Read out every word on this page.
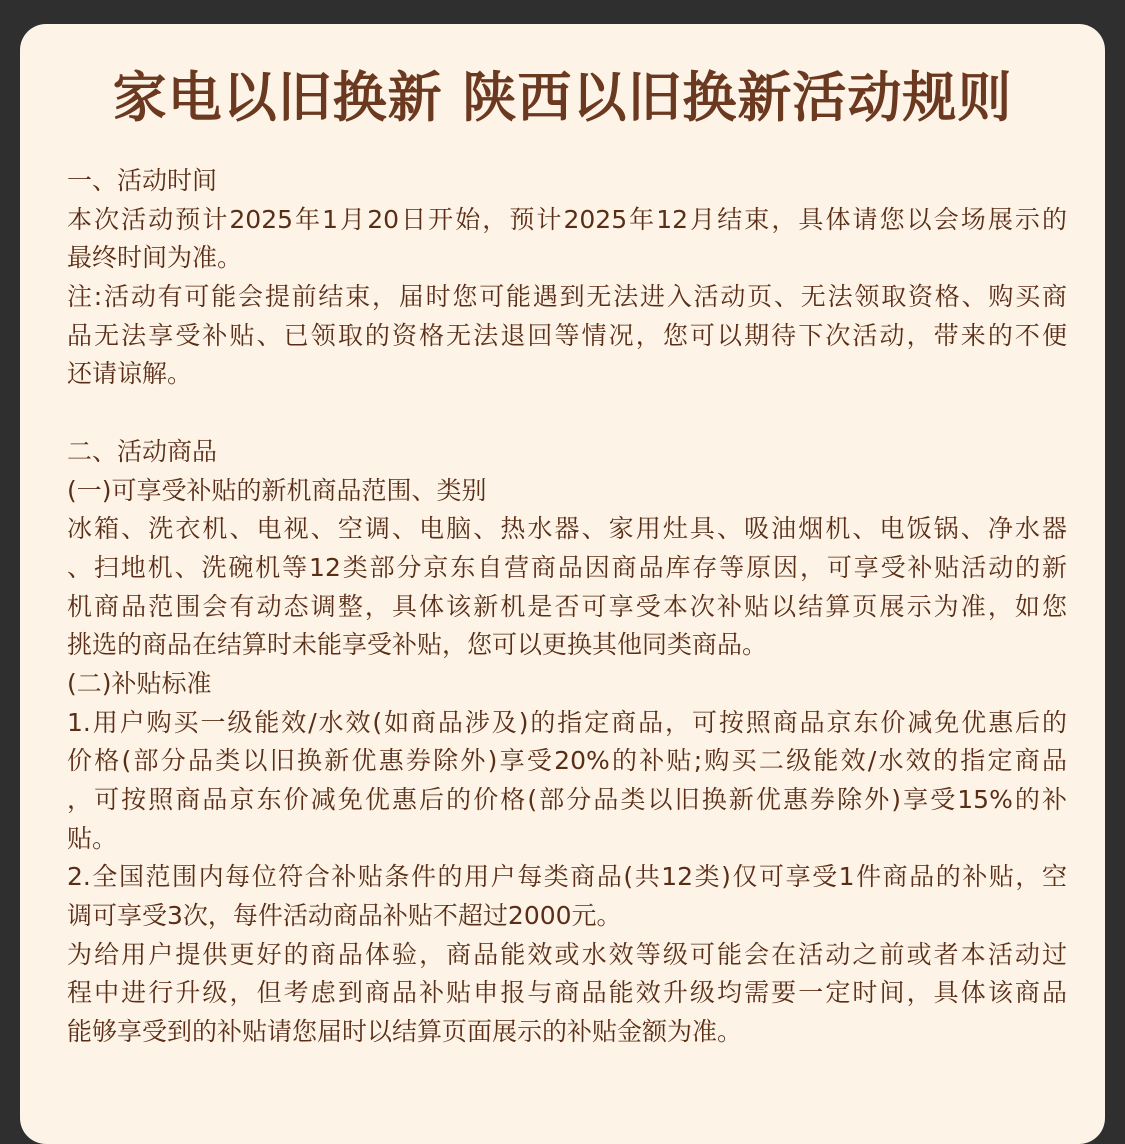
家电以旧换新 陕西以旧换新活动规则
一、活动时间
本次活动预计2025年1月20日开始，预计2025年12月结束，具体请您以会场展示的
最终时间为准。
注:活动有可能会提前结束，届时您可能遇到无法进入活动页、无法领取资格、购买商
品无法享受补贴、已领取的资格无法退回等情况，您可以期待下次活动，带来的不便
还请谅解。
二、活动商品
(一)可享受补贴的新机商品范围、类别
冰箱、洗衣机、电视、空调、电脑、热水器、家用灶具、吸油烟机、电饭锅、净水器
、扫地机、洗碗机等12类部分京东自营商品因商品库存等原因，可享受补贴活动的新
机商品范围会有动态调整，具体该新机是否可享受本次补贴以结算页展示为准，如您
挑选的商品在结算时未能享受补贴，您可以更换其他同类商品。
(二)补贴标准
1.用户购买一级能效/水效(如商品涉及)的指定商品，可按照商品京东价减免优惠后的
价格(部分品类以旧换新优惠券除外)享受20%的补贴;购买二级能效/水效的指定商品
，可按照商品京东价减免优惠后的价格(部分品类以旧换新优惠券除外)享受15%的补
贴。
2.全国范围内每位符合补贴条件的用户每类商品(共12类)仅可享受1件商品的补贴，空
调可享受3次，每件活动商品补贴不超过2000元。
为给用户提供更好的商品体验，商品能效或水效等级可能会在活动之前或者本活动过
程中进行升级，但考虑到商品补贴申报与商品能效升级均需要一定时间，具体该商品
能够享受到的补贴请您届时以结算页面展示的补贴金额为准。
